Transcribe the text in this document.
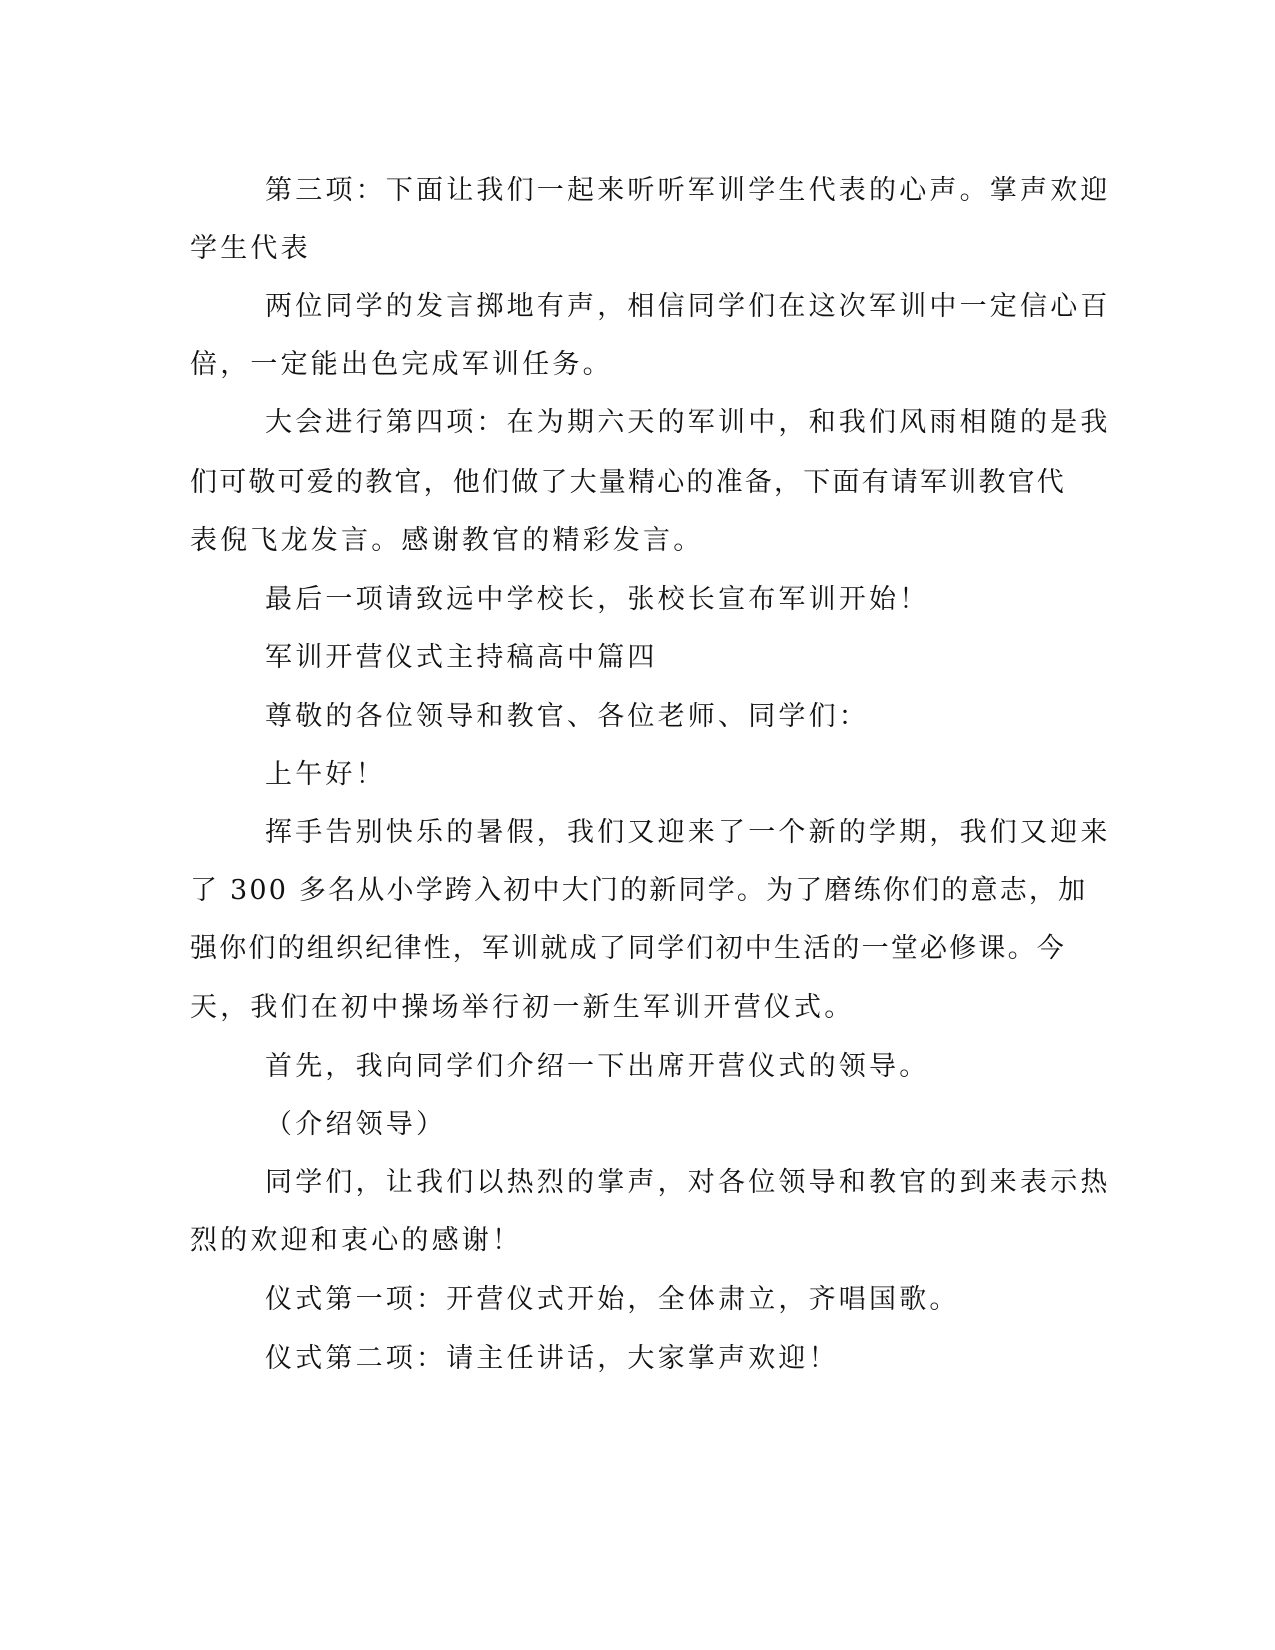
第三项：下面让我们一起来听听军训学生代表的心声。掌声欢迎
学生代表
两位同学的发言掷地有声，相信同学们在这次军训中一定信心百
倍，一定能出色完成军训任务。
大会进行第四项：在为期六天的军训中，和我们风雨相随的是我
们可敬可爱的教官，他们做了大量精心的准备，下面有请军训教官代
表倪飞龙发言。感谢教官的精彩发言。
最后一项请致远中学校长，张校长宣布军训开始！
军训开营仪式主持稿高中篇四
尊敬的各位领导和教官、各位老师、同学们：
上午好！
挥手告别快乐的暑假，我们又迎来了一个新的学期，我们又迎来
了 300 多名从小学跨入初中大门的新同学。为了磨练你们的意志，加
强你们的组织纪律性，军训就成了同学们初中生活的一堂必修课。今
天，我们在初中操场举行初一新生军训开营仪式。
首先，我向同学们介绍一下出席开营仪式的领导。
（介绍领导）
同学们，让我们以热烈的掌声，对各位领导和教官的到来表示热
烈的欢迎和衷心的感谢！
仪式第一项：开营仪式开始，全体肃立，齐唱国歌。
仪式第二项：请主任讲话，大家掌声欢迎！
